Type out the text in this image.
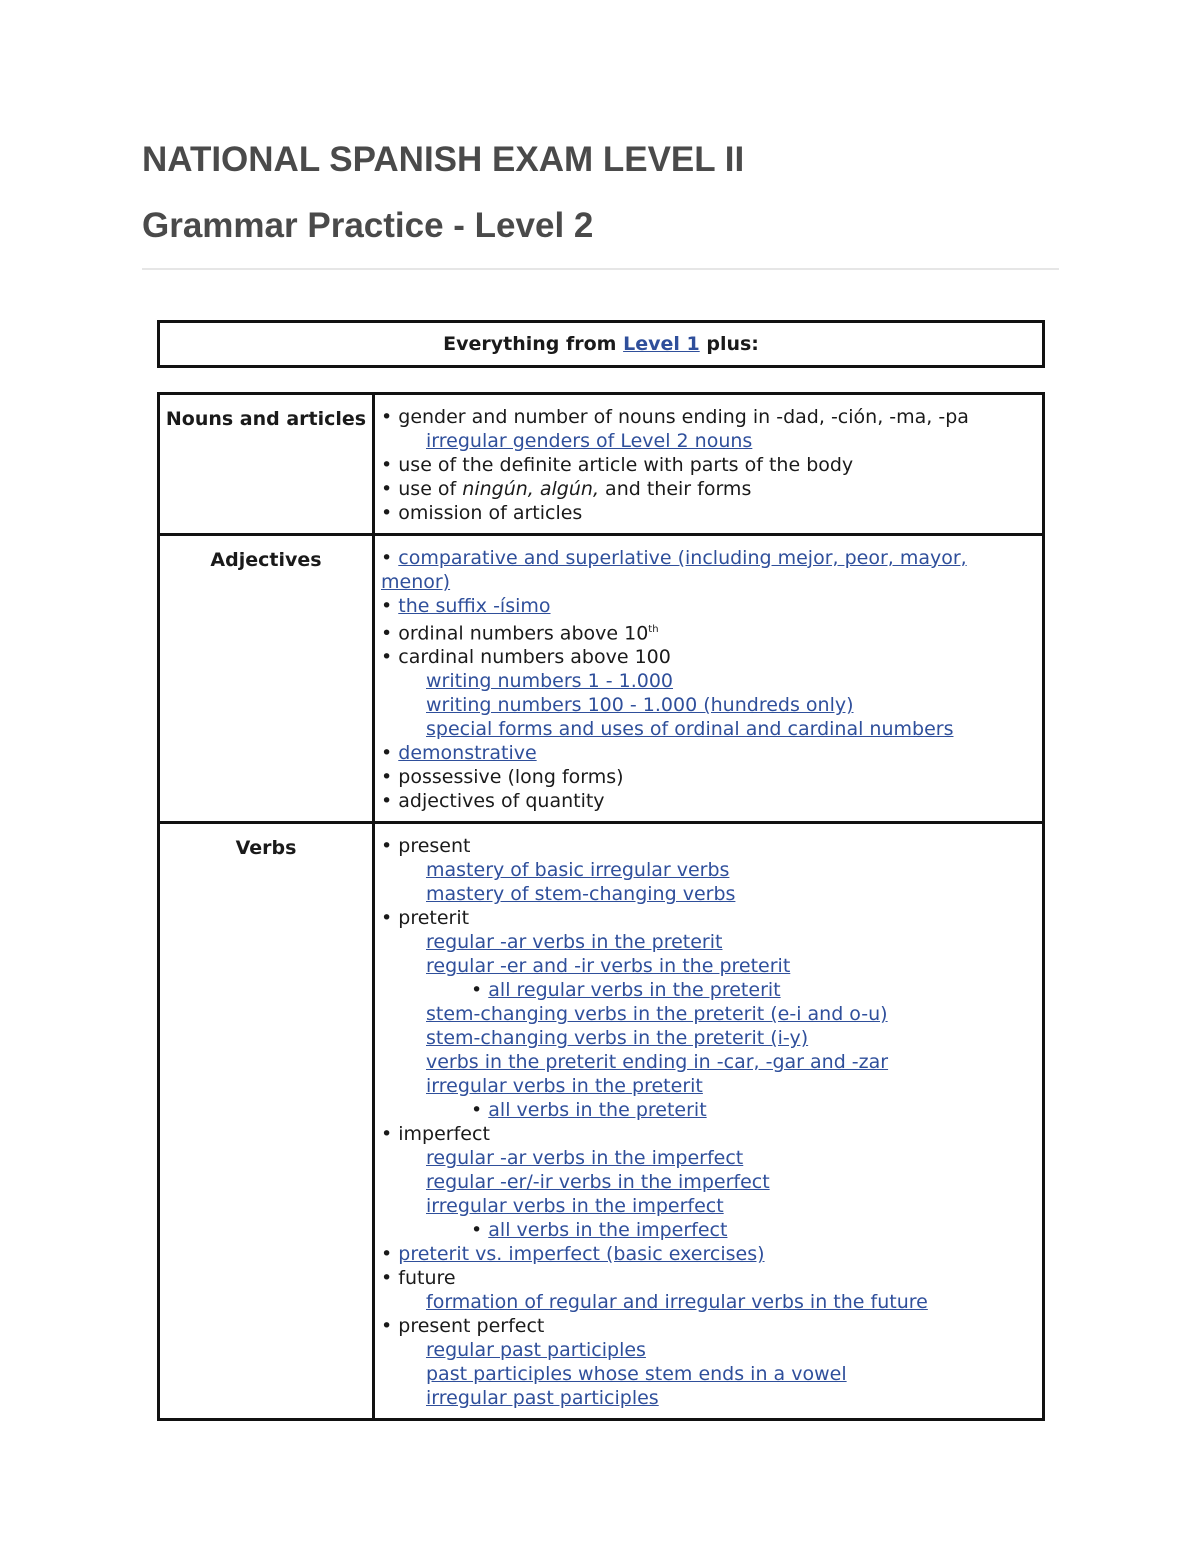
NATIONAL SPANISH EXAM LEVEL II
Grammar Practice - Level 2
Everything from
Level 1
plus:
Nouns and articles • gender and number of nouns ending in -dad, -ción, -ma, -pa
irregular genders of Level 2 nouns
• use of the definite article with parts of the body
• use of ningún, algún, and their forms
• omission of articles
Adjectives	• comparative and superlative (including mejor, peor, mayor, menor)
• the suffix -ísimo
• ordinal numbers above 10th
• cardinal numbers above 100
writing numbers 1 - 1.000
writing numbers 100 - 1.000 (hundreds only)
special forms and uses of ordinal and cardinal numbers
• demonstrative
• possessive (long forms)
• adjectives of quantity
Verbs	• present
mastery of basic irregular verbs
mastery of stem-changing verbs
• preterit
regular -ar verbs in the preterit
regular -er and -ir verbs in the preterit
• all regular verbs in the preterit
stem-changing verbs in the preterit (e-i and o-u)
stem-changing verbs in the preterit (i-y)
verbs in the preterit ending in -car, -gar and -zar
irregular verbs in the preterit
• all verbs in the preterit
• imperfect
regular -ar verbs in the imperfect
regular -er/-ir verbs in the imperfect
irregular verbs in the imperfect
• all verbs in the imperfect
• preterit vs. imperfect (basic exercises)
• future
formation of regular and irregular verbs in the future
• present perfect
regular past participles
past participles whose stem ends in a vowel
irregular past participles
